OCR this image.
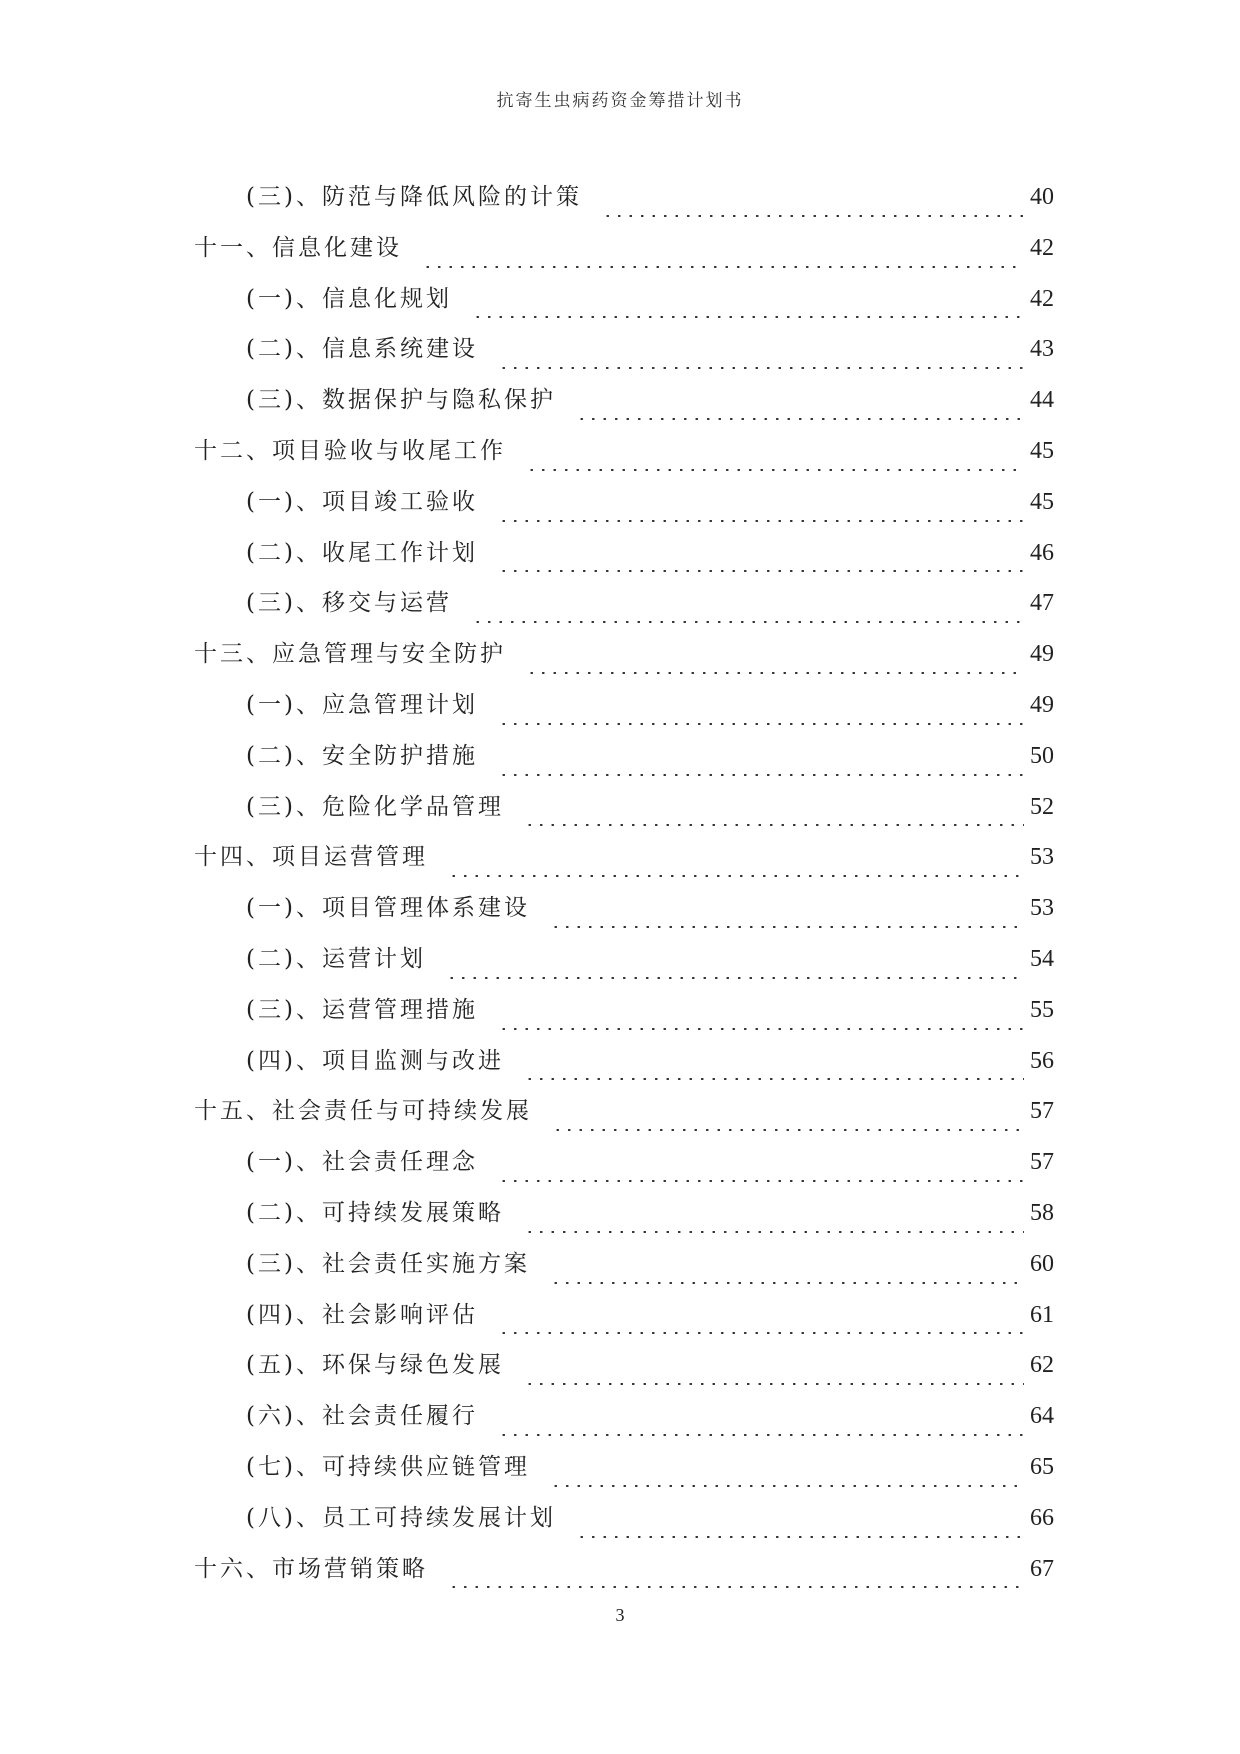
抗寄生虫病药资金筹措计划书
(三)、防范与降低风险的计策	40
十一、信息化建设	42
(一)、信息化规划	42
(二)、信息系统建设	43
(三)、数据保护与隐私保护	44
十二、项目验收与收尾工作	45
(一)、项目竣工验收	45
(二)、收尾工作计划	46
(三)、移交与运营	47
十三、应急管理与安全防护	49
(一)、应急管理计划	49
(二)、安全防护措施	50
(三)、危险化学品管理	52
十四、项目运营管理	53
(一)、项目管理体系建设	53
(二)、运营计划	54
(三)、运营管理措施	55
(四)、项目监测与改进	56
十五、社会责任与可持续发展	57
(一)、社会责任理念	57
(二)、可持续发展策略	58
(三)、社会责任实施方案	60
(四)、社会影响评估	61
(五)、环保与绿色发展	62
(六)、社会责任履行	64
(七)、可持续供应链管理	65
(八)、员工可持续发展计划	66
十六、市场营销策略	67
3
